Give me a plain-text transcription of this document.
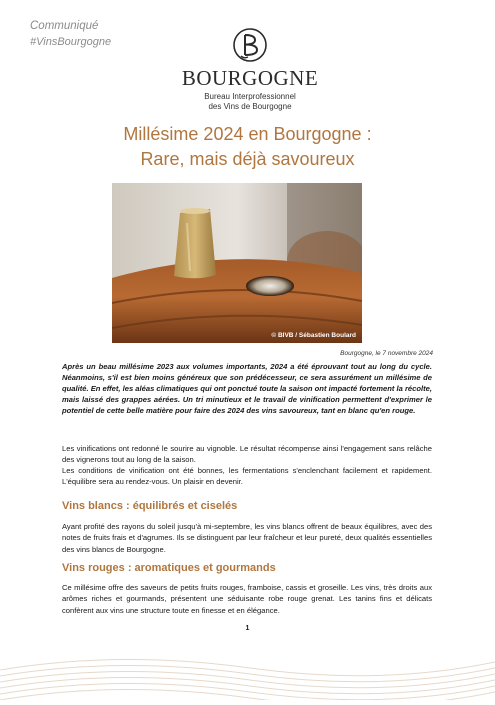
Communiqué
#VinsBourgogne
BOURGOGNE
Bureau Interprofessionnel
des Vins de Bourgogne
Millésime 2024 en Bourgogne :
Rare, mais déjà savoureux
© BIVB / Sébastien Boulard
Bourgogne, le 7 novembre 2024
Après un beau millésime 2023 aux volumes importants, 2024 a été éprouvant tout au long du cycle. Néanmoins, s'il est bien moins généreux que son prédécesseur, ce sera assurément un millésime de qualité. En effet, les aléas climatiques qui ont ponctué toute la saison ont impacté fortement la récolte, mais laissé des grappes aérées. Un tri minutieux et le travail de vinification permettent d'exprimer le potentiel de cette belle matière pour faire des 2024 des vins savoureux, tant en blanc qu'en rouge.
Les vinifications ont redonné le sourire au vignoble. Le résultat récompense ainsi l'engagement sans relâche des vignerons tout au long de la saison.
Les conditions de vinification ont été bonnes, les fermentations s'enclenchant facilement et rapidement. L'équilibre sera au rendez-vous. Un plaisir en devenir.
Vins blancs : équilibrés et ciselés
Ayant profité des rayons du soleil jusqu'à mi-septembre, les vins blancs offrent de beaux équilibres, avec des notes de fruits frais et d'agrumes. Ils se distinguent par leur fraîcheur et leur pureté, deux qualités essentielles des vins blancs de Bourgogne.
Vins rouges : aromatiques et gourmands
Ce millésime offre des saveurs de petits fruits rouges, framboise, cassis et groseille. Les vins, très droits aux arômes riches et gourmands, présentent une séduisante robe rouge grenat. Les tanins fins et délicats confèrent aux vins une structure toute en finesse et en élégance.
1
